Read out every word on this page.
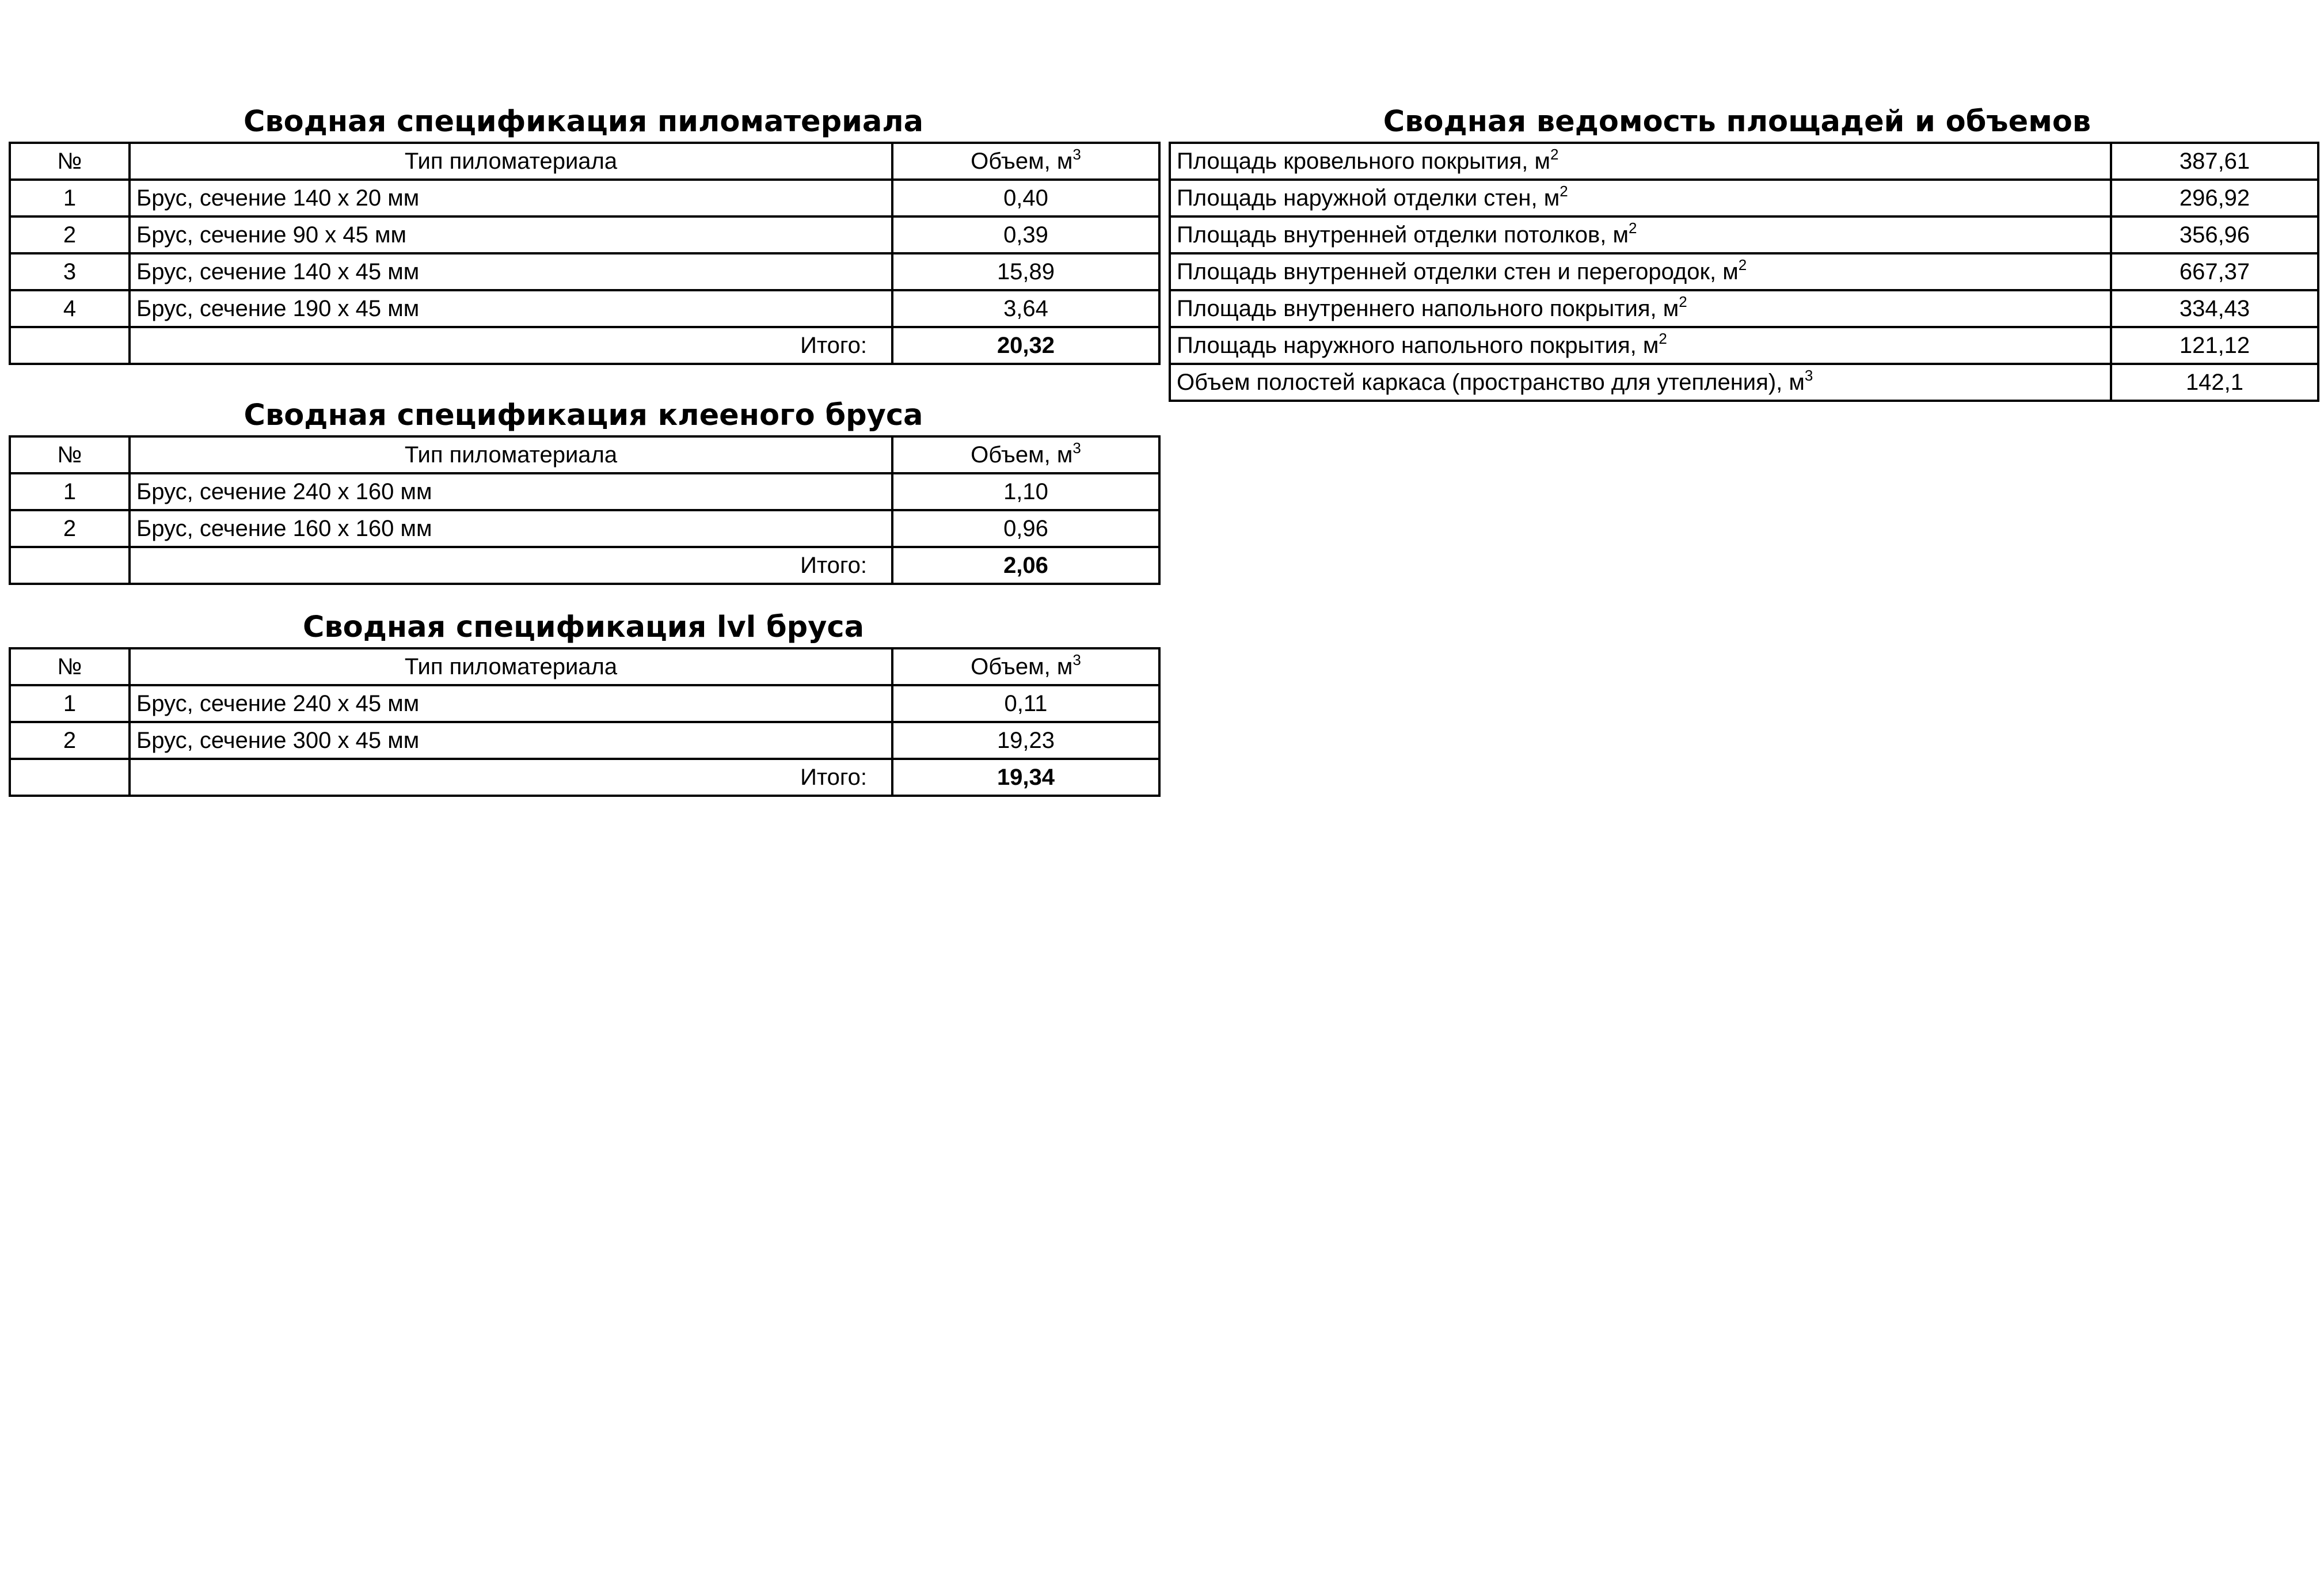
Сводная спецификация пиломатериала
№	Тип пиломатериала	Объем, $м^3$
1	Брус, сечение 140 х 20 мм	0,40
2	Брус, сечение 90 х 45 мм	0,39
3	Брус, сечение 140 х 45 мм	15,89
4	Брус, сечение 190 х 45 мм	3,64
	Итого:	20,32
Сводная спецификация клееного бруса
№	Тип пиломатериала	Объем, $м^3$
1	Брус, сечение 240 х 160 мм	1,10
2	Брус, сечение 160 х 160 мм	0,96
	Итого:	2,06
Сводная спецификация lvl бруса
№	Тип пиломатериала	Объем, $м^3$
1	Брус, сечение 240 х 45 мм	0,11
2	Брус, сечение 300 х 45 мм	19,23
	Итого:	19,34
Сводная ведомость площадей и объемов
Площадь кровельного покрытия, $м^2$	387,61
Площадь наружной отделки стен, $м^2$	296,92
Площадь внутренней отделки потолков, $м^2$	356,96
Площадь внутренней отделки стен и перегородок, $м^2$	667,37
Площадь внутреннего напольного покрытия, $м^2$	334,43
Площадь наружного напольного покрытия, $м^2$	121,12
Объем полостей каркаса (пространство для утепления), $м^3$	142,1
